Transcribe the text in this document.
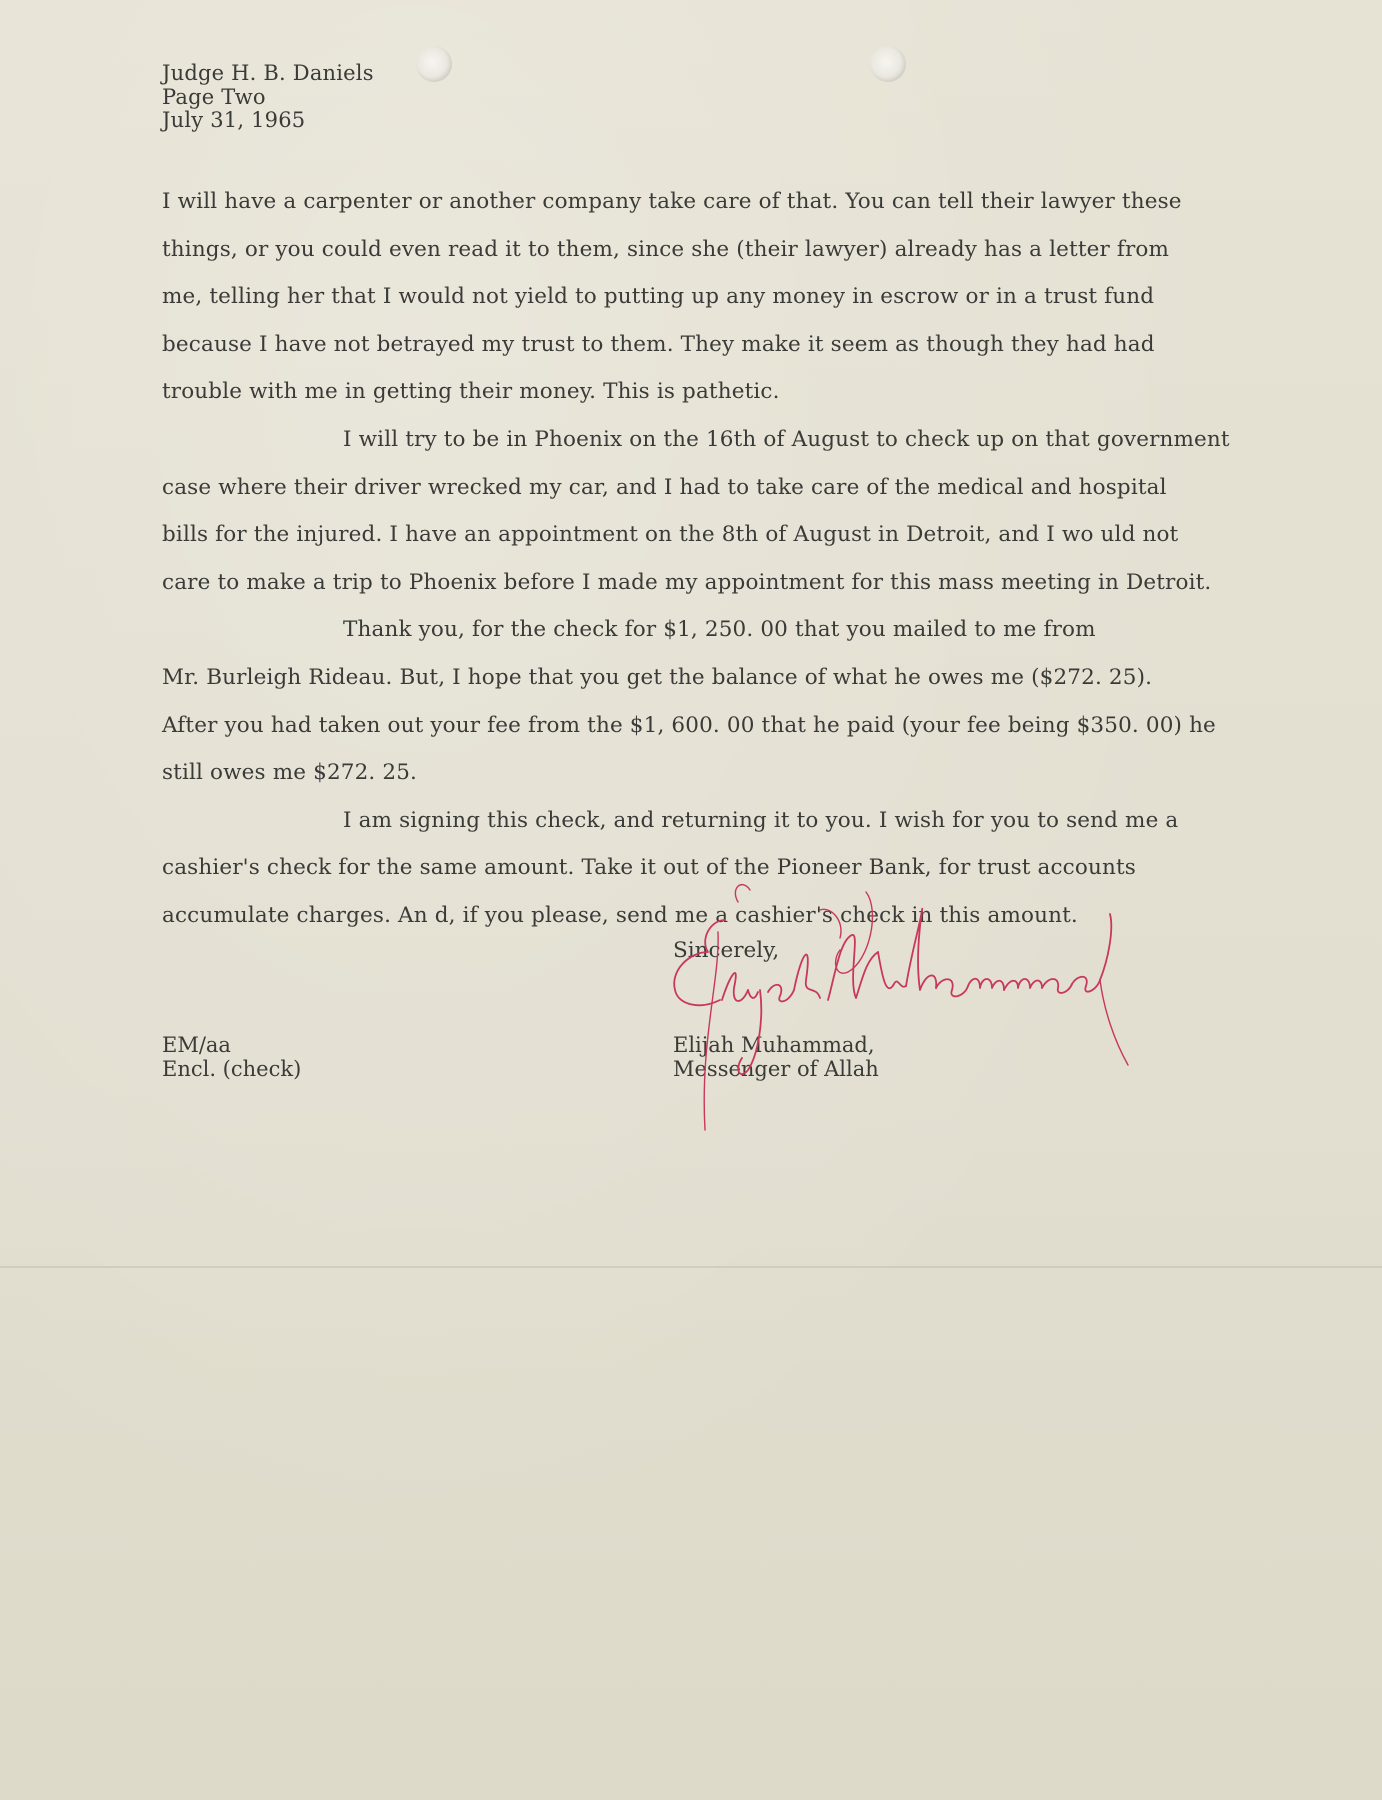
Judge H. B. Daniels
Page Two
July 31, 1965
I will have a carpenter or another company take care of that. You can tell their lawyer these
things, or you could even read it to them, since she (their lawyer) already has a letter from
me, telling her that I would not yield to putting up any money in escrow or in a trust fund
because I have not betrayed my trust to them. They make it seem as though they had had
trouble with me in getting their money. This is pathetic.
I will try to be in Phoenix on the 16th of August to check up on that government
case where their driver wrecked my car, and I had to take care of the medical and hospital
bills for the injured. I have an appointment on the 8th of August in Detroit, and I wo uld not
care to make a trip to Phoenix before I made my appointment for this mass meeting in Detroit.
Thank you, for the check for $1, 250. 00 that you mailed to me from
Mr. Burleigh Rideau. But, I hope that you get the balance of what he owes me ($272. 25).
After you had taken out your fee from the $1, 600. 00 that he paid (your fee being $350. 00) he
still owes me $272. 25.
I am signing this check, and returning it to you. I wish for you to send me a
cashier's check for the same amount. Take it out of the Pioneer Bank, for trust accounts
accumulate charges. An d, if you please, send me a cashier's check in this amount.
Sincerely,
EM/aa
Encl. (check)
Elijah Muhammad,
Messenger of Allah
